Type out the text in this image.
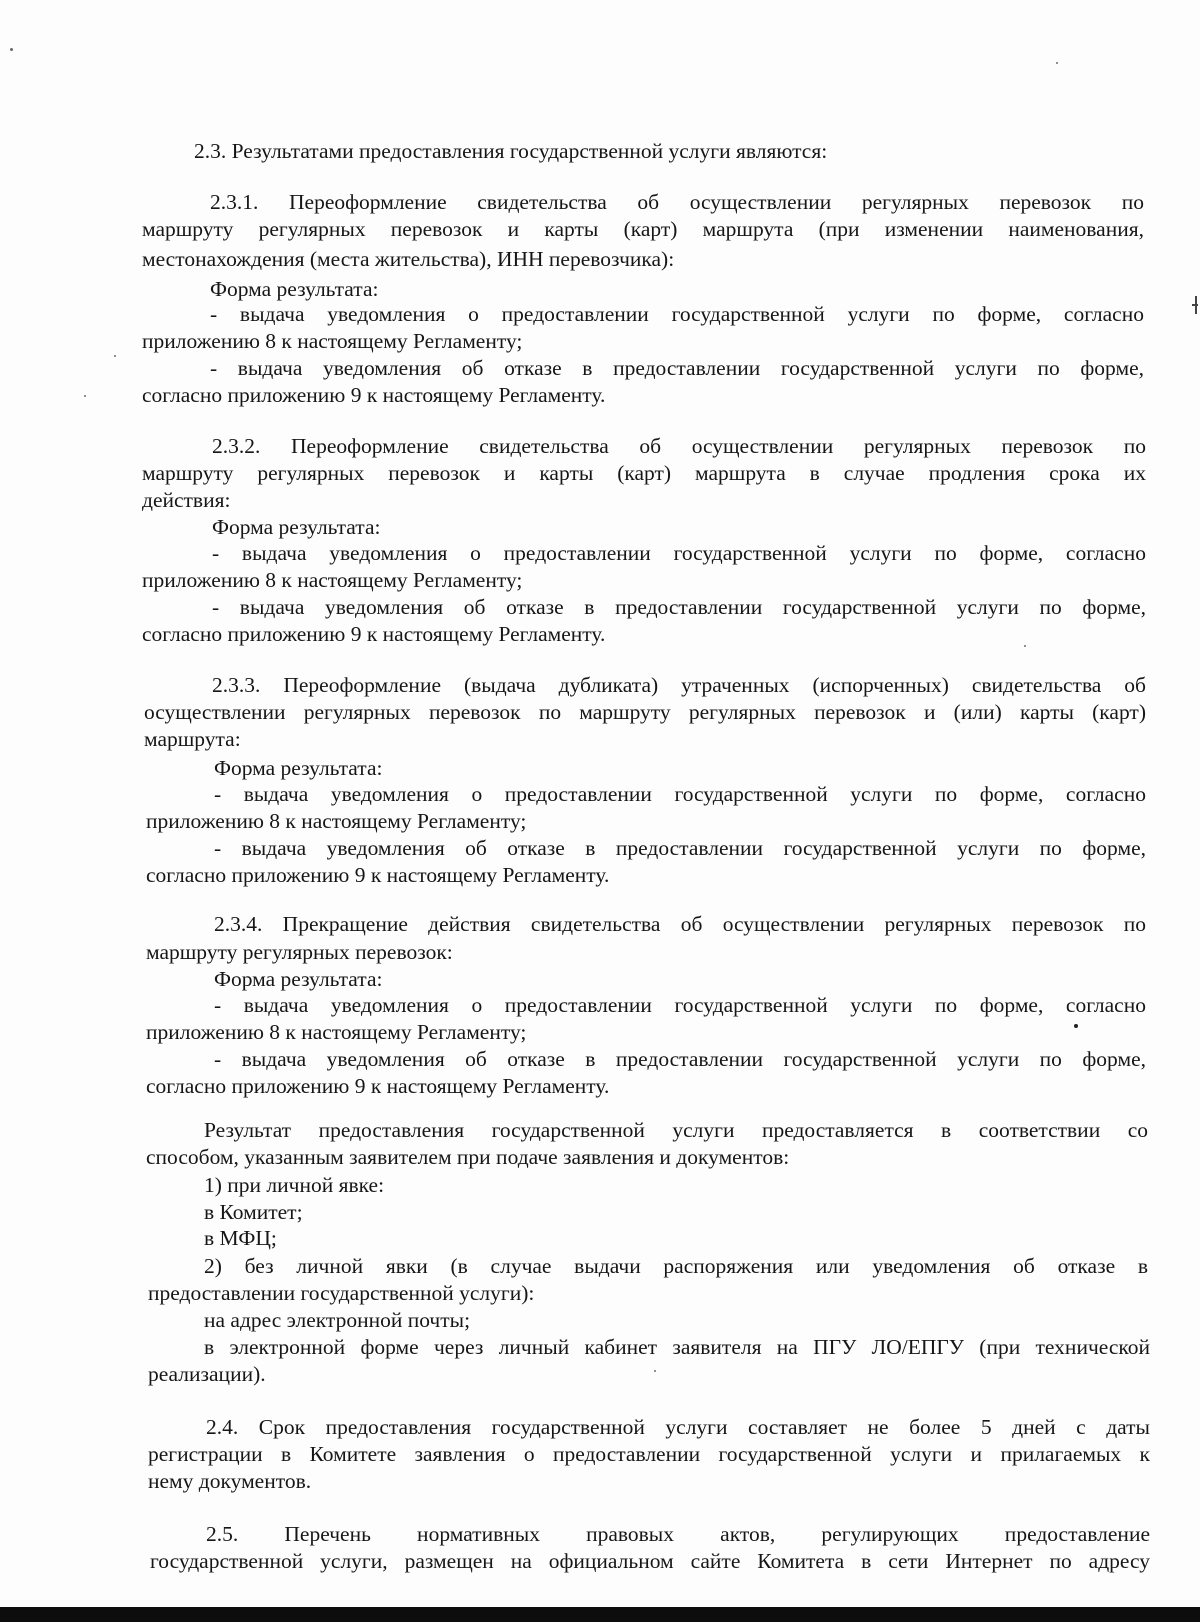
2.3. Результатами предоставления государственной услуги являются:
2.3.1. Переоформление свидетельства об осуществлении регулярных перевозок по
маршруту регулярных перевозок и карты (карт) маршрута (при изменении наименования,
местонахождения (места жительства), ИНН перевозчика):
Форма результата:
- выдача уведомления о предоставлении государственной услуги по форме, согласно
приложению 8 к настоящему Регламенту;
- выдача уведомления об отказе в предоставлении государственной услуги по форме,
согласно приложению 9 к настоящему Регламенту.
2.3.2. Переоформление свидетельства об осуществлении регулярных перевозок по
маршруту регулярных перевозок и карты (карт) маршрута в случае продления срока их
действия:
Форма результата:
- выдача уведомления о предоставлении государственной услуги по форме, согласно
приложению 8 к настоящему Регламенту;
- выдача уведомления об отказе в предоставлении государственной услуги по форме,
согласно приложению 9 к настоящему Регламенту.
2.3.3. Переоформление (выдача дубликата) утраченных (испорченных) свидетельства об
осуществлении регулярных перевозок по маршруту регулярных перевозок и (или) карты (карт)
маршрута:
Форма результата:
- выдача уведомления о предоставлении государственной услуги по форме, согласно
приложению 8 к настоящему Регламенту;
- выдача уведомления об отказе в предоставлении государственной услуги по форме,
согласно приложению 9 к настоящему Регламенту.
2.3.4. Прекращение действия свидетельства об осуществлении регулярных перевозок по
маршруту регулярных перевозок:
Форма результата:
- выдача уведомления о предоставлении государственной услуги по форме, согласно
приложению 8 к настоящему Регламенту;
- выдача уведомления об отказе в предоставлении государственной услуги по форме,
согласно приложению 9 к настоящему Регламенту.
Результат предоставления государственной услуги предоставляется в соответствии со
способом, указанным заявителем при подаче заявления и документов:
1) при личной явке:
в Комитет;
в МФЦ;
2) без личной явки (в случае выдачи распоряжения или уведомления об отказе в
предоставлении государственной услуги):
на адрес электронной почты;
в электронной форме через личный кабинет заявителя на ПГУ ЛО/ЕПГУ (при технической
реализации).
2.4. Срок предоставления государственной услуги составляет не более 5 дней с даты
регистрации в Комитете заявления о предоставлении государственной услуги и прилагаемых к
нему документов.
2.5. Перечень нормативных правовых актов, регулирующих предоставление
государственной услуги, размещен на официальном сайте Комитета в сети Интернет по адресу
